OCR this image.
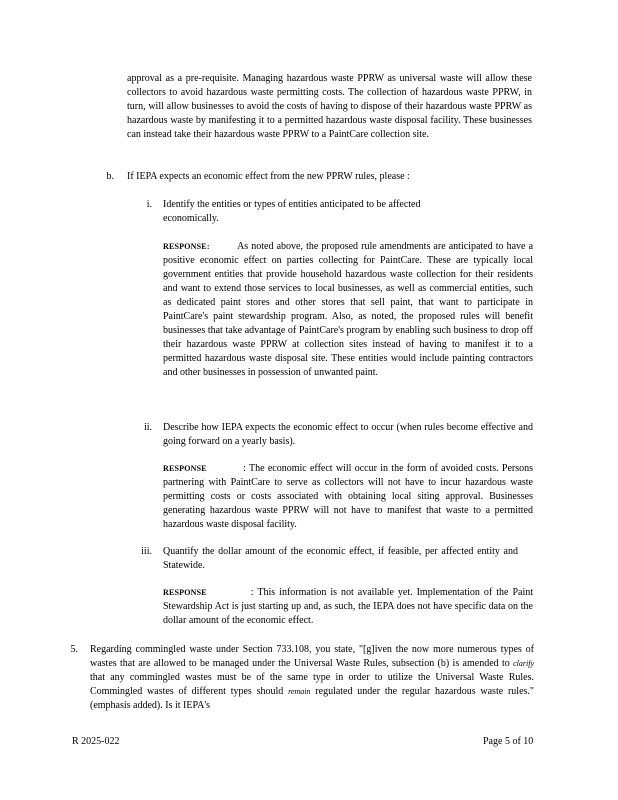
approval as a pre-requisite. Managing hazardous waste PPRW as universal waste will allow these collectors to avoid hazardous waste permitting costs. The collection of hazardous waste PPRW, in turn, will allow businesses to avoid the costs of having to dispose of their hazardous waste PPRW as hazardous waste by manifesting it to a permitted hazardous waste disposal facility. These businesses can instead take their hazardous waste PPRW to a PaintCare collection site.

b. If IEPA expects an economic effect from the new PPRW rules, please :

i. Identify the entities or types of entities anticipated to be affected economically.

RESPONSE:	As noted above, the proposed rule amendments are anticipated to have a positive economic effect on parties collecting for PaintCare. These are typically local government entities that provide household hazardous waste collection for their residents and want to extend those services to local businesses, as well as commercial entities, such as dedicated paint stores and other stores that sell paint, that want to participate in PaintCare's paint stewardship program. Also, as noted, the proposed rules will benefit businesses that take advantage of PaintCare's program by enabling such business to drop off their hazardous waste PPRW at collection sites instead of having to manifest it to a permitted hazardous waste disposal site. These entities would include painting contractors and other businesses in possession of unwanted paint.

ii. Describe how IEPA expects the economic effect to occur (when rules become effective and going forward on a yearly basis).

RESPONSE	: The economic effect will occur in the form of avoided costs. Persons partnering with PaintCare to serve as collectors will not have to incur hazardous waste permitting costs or costs associated with obtaining local siting approval. Businesses generating hazardous waste PPRW will not have to manifest that waste to a permitted hazardous waste disposal facility.

iii. Quantify the dollar amount of the economic effect, if feasible, per affected entity and Statewide.

RESPONSE	: This information is not available yet. Implementation of the Paint Stewardship Act is just starting up and, as such, the IEPA does not have specific data on the dollar amount of the economic effect.

5. Regarding commingled waste under Section 733.108, you state, "[g]iven the now more numerous types of wastes that are allowed to be managed under the Universal Waste Rules, subsection (b) is amended to clarify that any commingled wastes must be of the same type in order to utilize the Universal Waste Rules. Commingled wastes of different types should remain regulated under the regular hazardous waste rules." (emphasis added). Is it IEPA's

R 2025-022	Page 5 of 10
